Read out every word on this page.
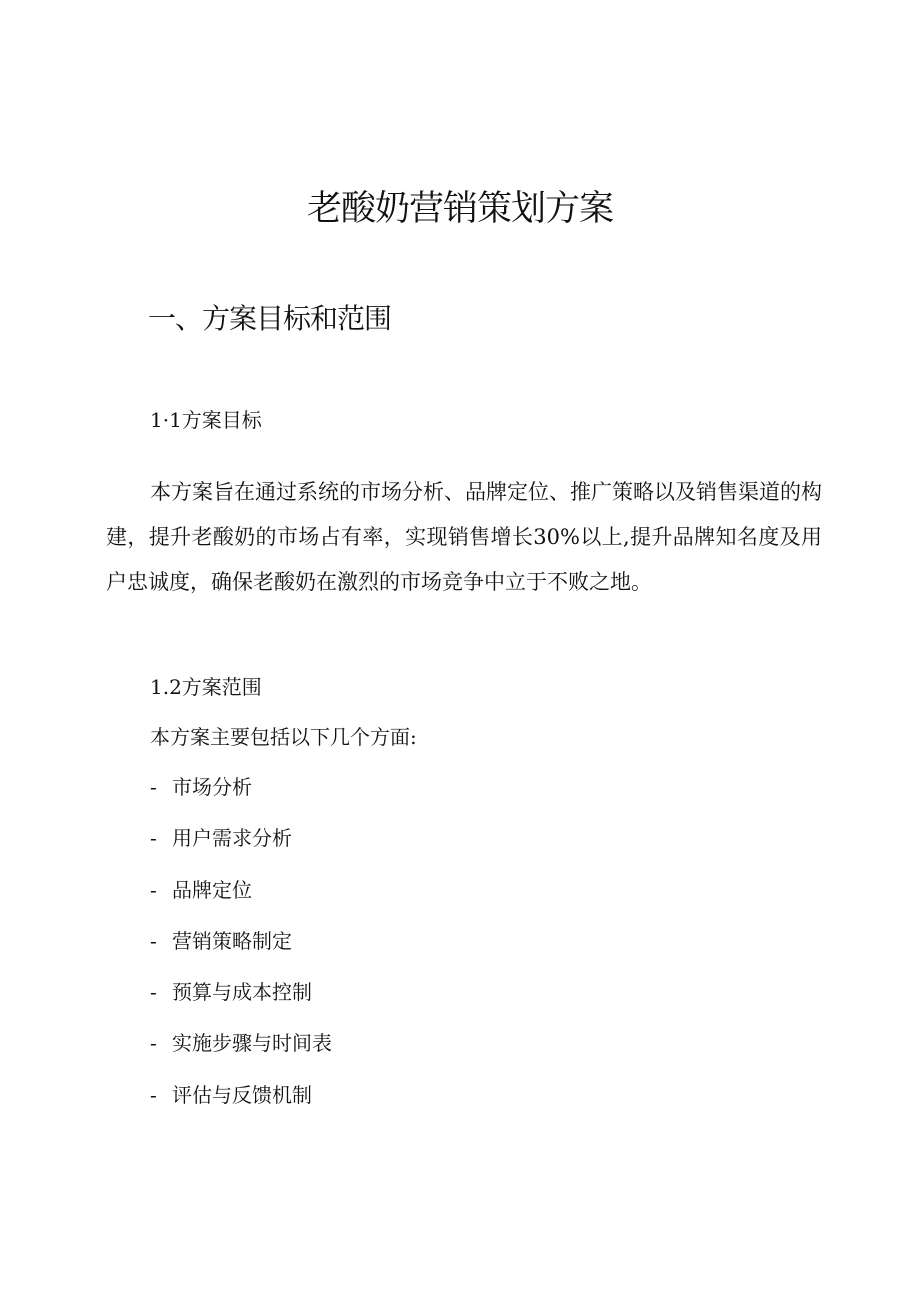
老酸奶营销策划方案
一、方案目标和范围
1·1方案目标

本方案旨在通过系统的市场分析、品牌定位、推广策略以及销售渠道的构建，提升老酸奶的市场占有率，实现销售增长30%以上,提升品牌知名度及用户忠诚度，确保老酸奶在激烈的市场竞争中立于不败之地。

1.2方案范围

本方案主要包括以下几个方面:

- 市场分析
- 用户需求分析
- 品牌定位
- 营销策略制定
- 预算与成本控制
- 实施步骤与时间表
- 评估与反馈机制
